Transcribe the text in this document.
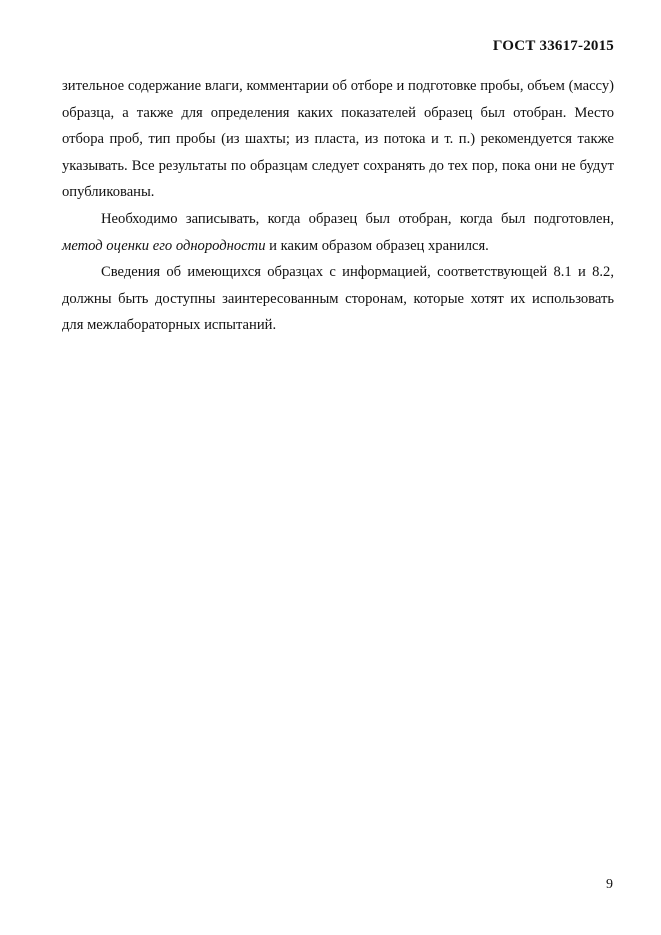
ГОСТ 33617-2015

зительное содержание влаги, комментарии об отборе и подготовке пробы, объем (массу) образца, а также для определения каких показателей образец был отобран. Место отбора проб, тип пробы (из шахты; из пласта, из потока и т. п.) рекомендуется также указывать. Все результаты по образцам следует сохранять до тех пор, пока они не будут опубликованы.

Необходимо записывать, когда образец был отобран, когда был подготовлен, метод оценки его однородности и каким образом образец хранился.

Сведения об имеющихся образцах с информацией, соответствующей 8.1 и 8.2, должны быть доступны заинтересованным сторонам, которые хотят их использовать для межлабораторных испытаний.

9
